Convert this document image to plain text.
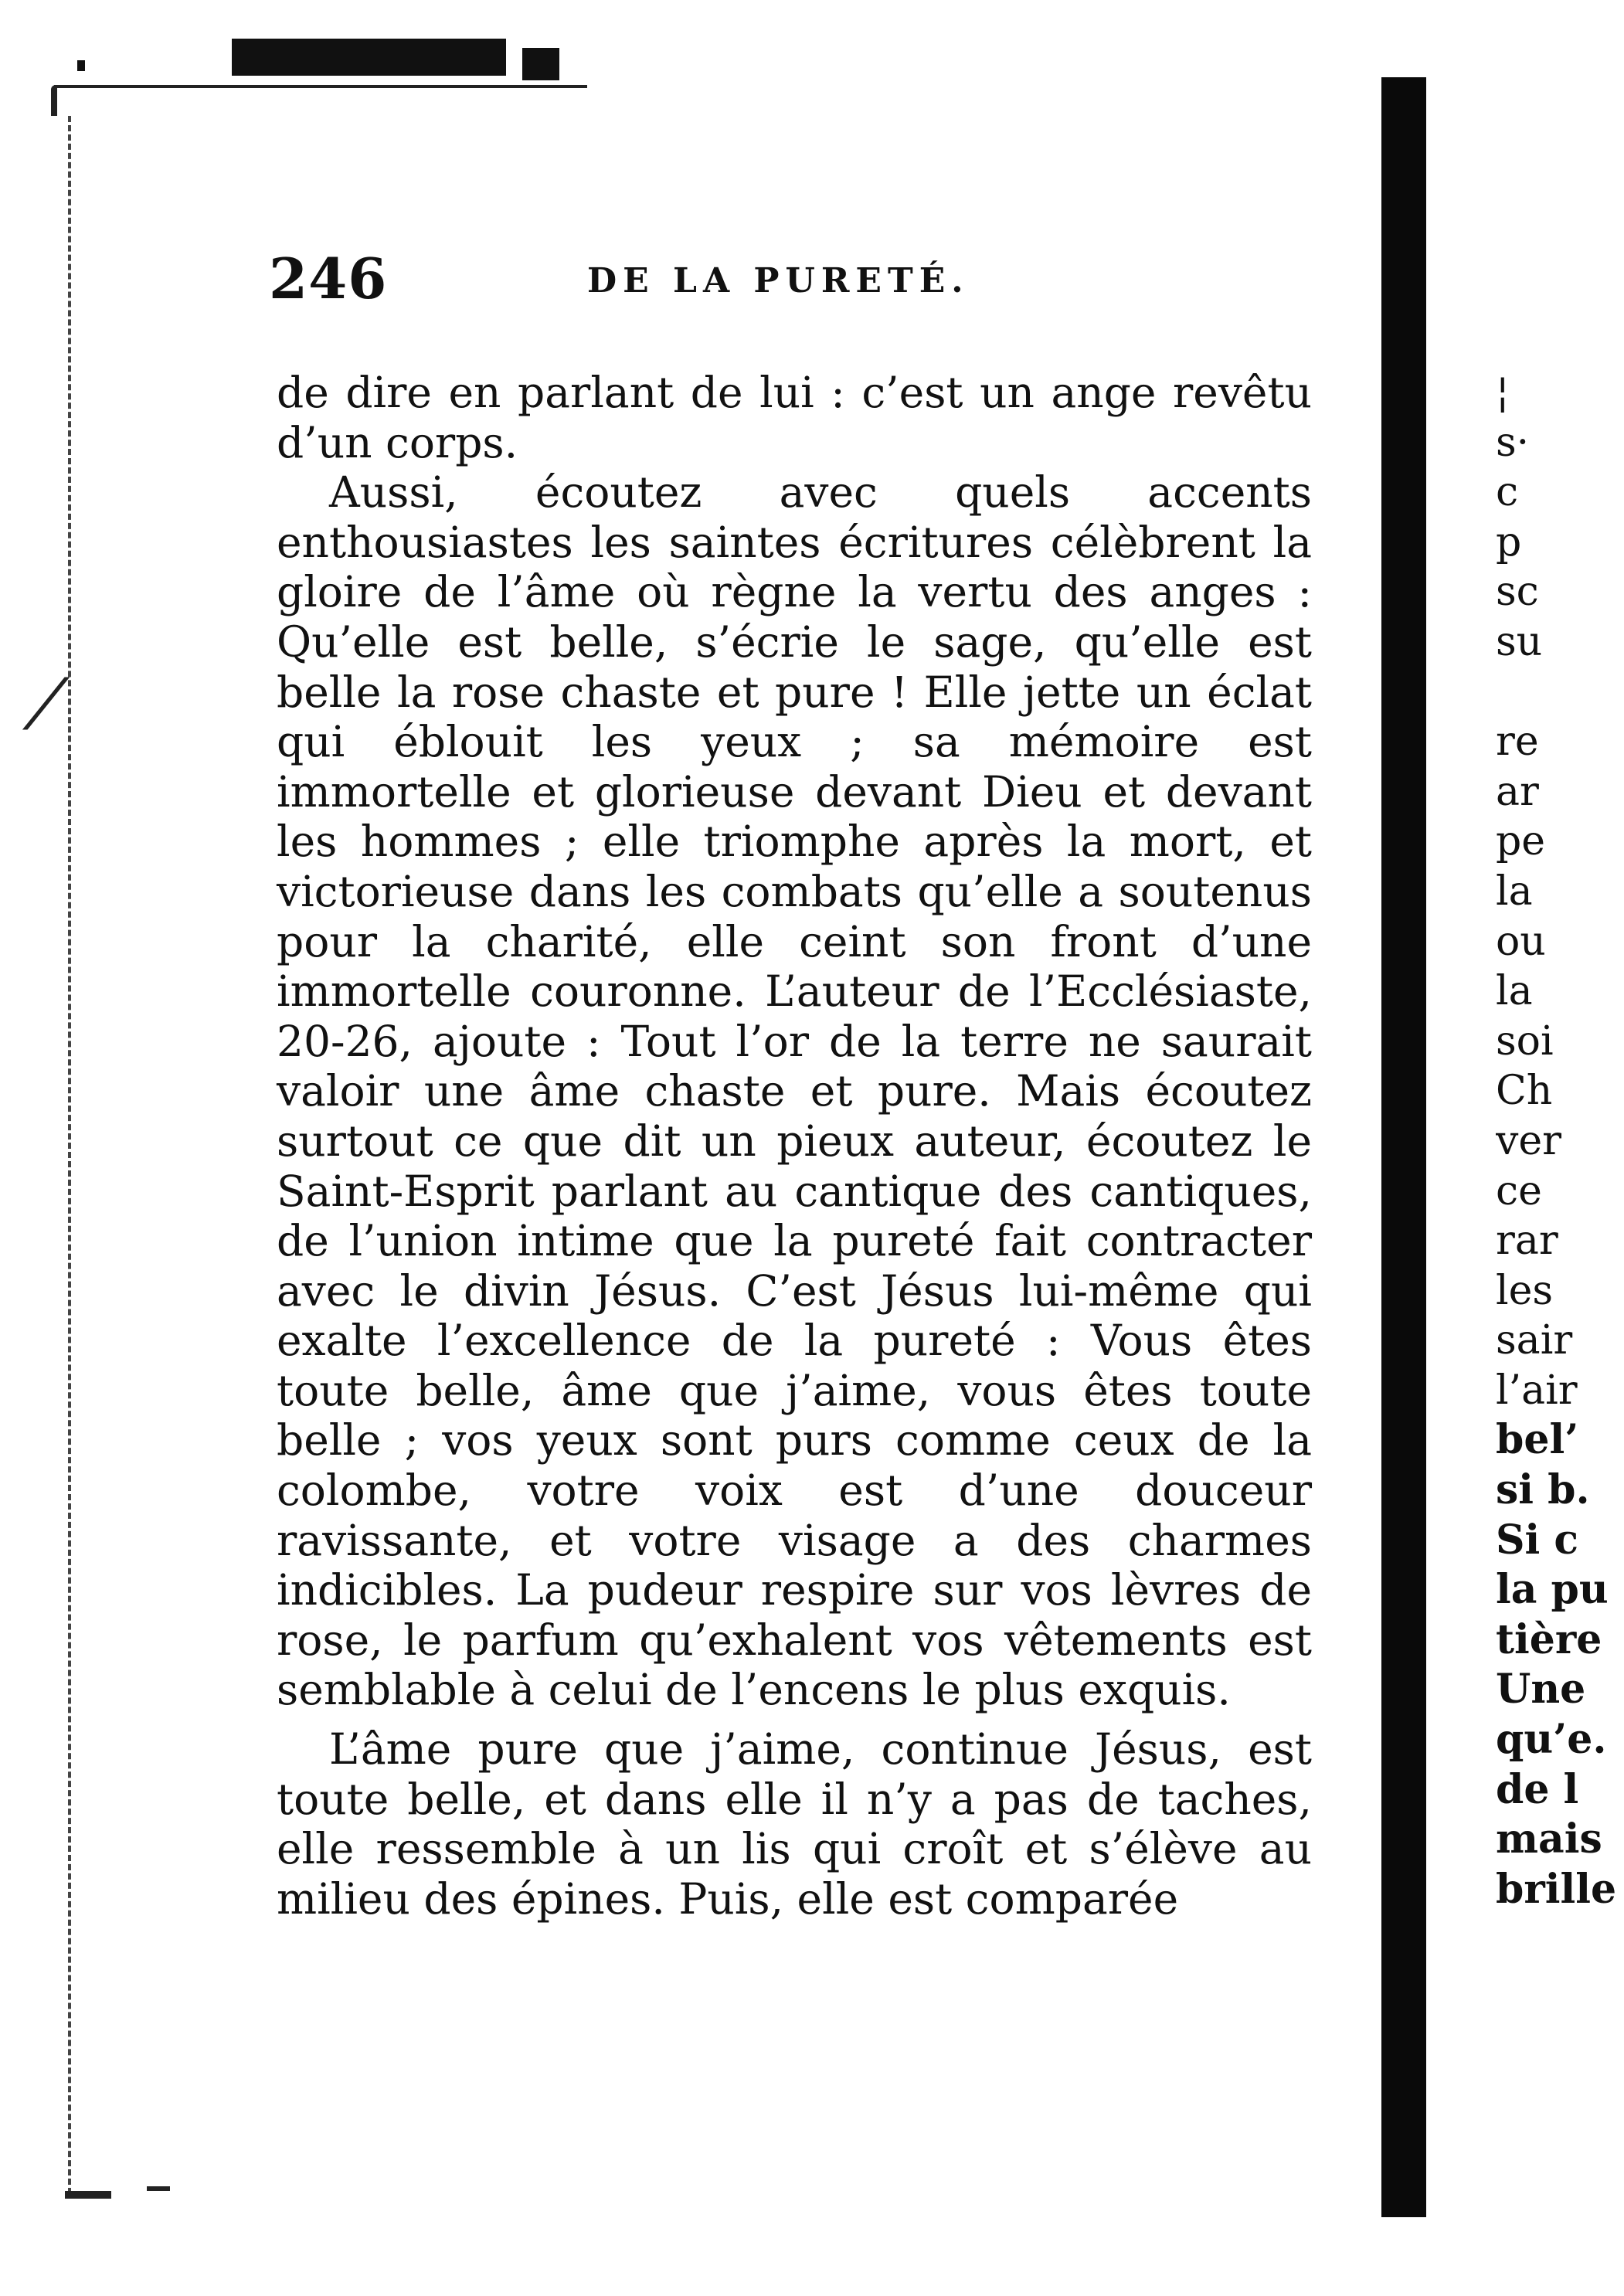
⁄
246	DE LA PURETÉ.

de dire en parlant de lui : c’est un ange revêtu d’un corps.

Aussi, écoutez avec quels accents enthousiastes les saintes écritures célèbrent la gloire de l’âme où règne la vertu des anges : Qu’elle est belle, s’écrie le sage, qu’elle est belle la rose chaste et pure ! Elle jette un éclat qui éblouit les yeux ; sa mémoire est immortelle et glorieuse devant Dieu et devant les hommes ; elle triomphe après la mort, et victorieuse dans les combats qu’elle a soutenus pour la charité, elle ceint son front d’une immortelle couronne. L’auteur de l’Ecclésiaste, 20-26, ajoute : Tout l’or de la terre ne saurait valoir une âme chaste et pure. Mais écoutez surtout ce que dit un pieux auteur, écoutez le Saint-Esprit parlant au cantique des cantiques, de l’union intime que la pureté fait contracter avec le divin Jésus. C’est Jésus lui-même qui exalte l’excellence de la pureté : Vous êtes toute belle, âme que j’aime, vous êtes toute belle ; vos yeux sont purs comme ceux de la colombe, votre voix est d’une douceur ravissante, et votre visage a des charmes indicibles. La pudeur respire sur vos lèvres de rose, le parfum qu’exhalent vos vêtements est semblable à celui de l’encens le plus exquis.

L’âme pure que j’aime, continue Jésus, est toute belle, et dans elle il n’y a pas de taches, elle ressemble à un lis qui croît et s’élève au milieu des épines. Puis, elle est comparée

¦
s·
c
p
sc
su
re
ar
pe
la
ou
la
soi
Ch
ver
ce
rar
les
sair
l’air
bel’
si b.
Si c
la pu
tière
Une
qu’e.
de l
mais
brille
